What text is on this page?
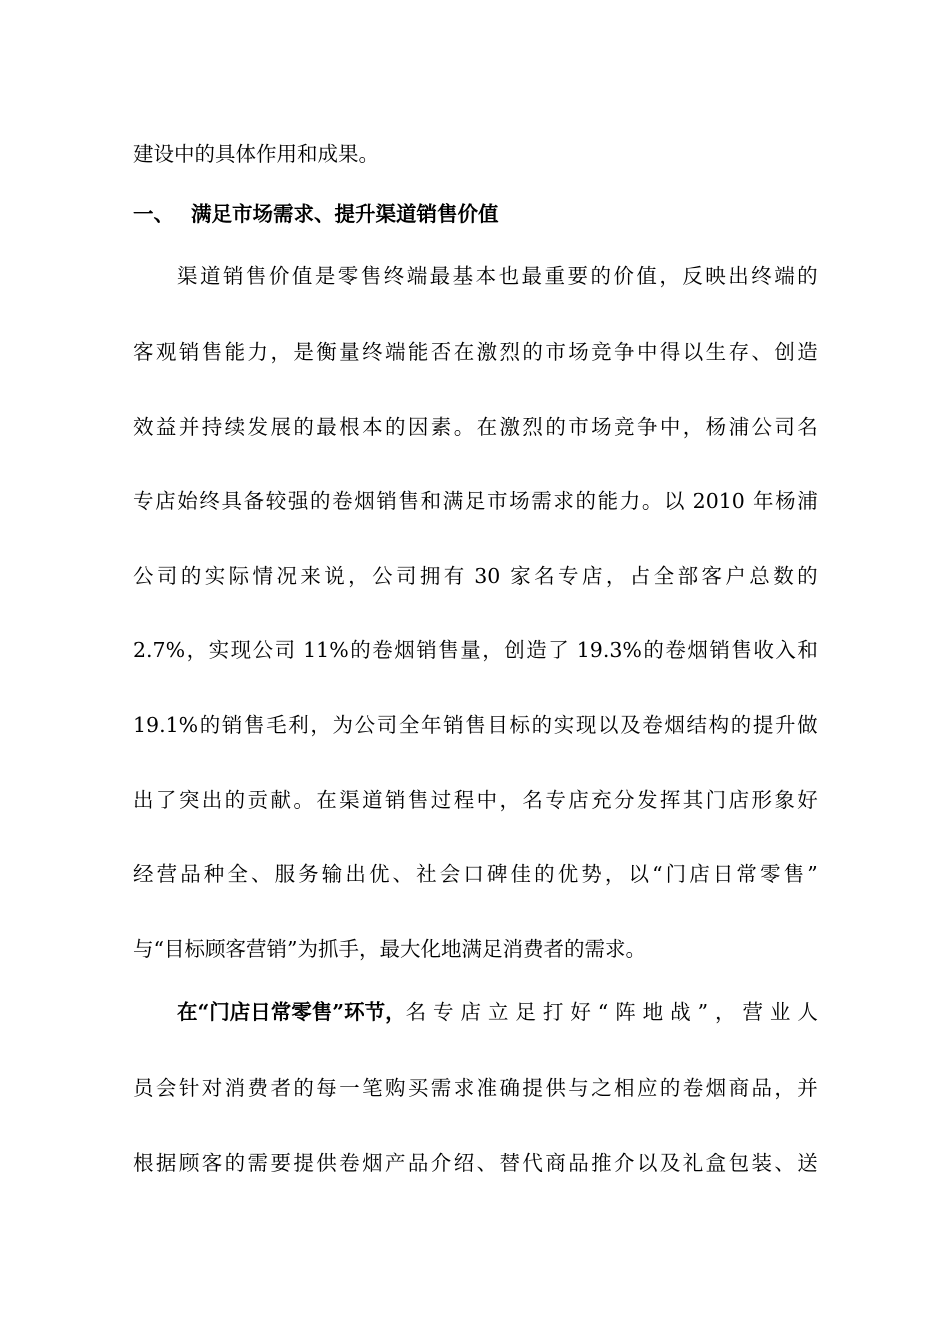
建设中的具体作用和成果。
一、 满足市场需求、提升渠道销售价值
渠 道 销 售 价 值 是 零 售 终 端 最 基 本 也 最 重 要 的 价 值 ， 反 映 出 终 端 的
客 观 销 售 能 力 ， 是 衡 量 终 端 能 否 在 激 烈 的 市 场 竞 争 中 得 以 生 存 、 创 造
效 益 并 持 续 发 展 的 最 根 本 的 因 素 。 在 激 烈 的 市 场 竞 争 中 ， 杨 浦 公 司 名
专 店 始 终 具 备 较 强 的 卷 烟 销 售 和 满 足 市 场 需 求 的 能 力 。 以 2010 年 杨 浦
公 司 的 实 际 情 况 来 说 ， 公 司 拥 有 30 家 名 专 店 ， 占 全 部 客 户 总 数 的
2.7% ， 实 现 公 司 11% 的 卷 烟 销 售 量 ， 创 造 了 19.3% 的 卷 烟 销 售 收 入 和
19.1% 的 销 售 毛 利 ， 为 公 司 全 年 销 售 目 标 的 实 现 以 及 卷 烟 结 构 的 提 升 做
出 了 突 出 的 贡 献 。 在 渠 道 销 售 过 程 中 ， 名 专 店 充 分 发 挥 其 门 店 形 象 好
经 营 品 种 全 、 服 务 输 出 优 、 社 会 口 碑 佳 的 优 势 ， 以 “ 门 店 日 常 零 售 ”
与“目标顾客营销”为抓手，最大化地满足消费者的需求。
在“门店日常零售”环节， 名 专 店 立 足 打 好 “ 阵 地 战 ” ， 营 业 人
员 会 针 对 消 费 者 的 每 一 笔 购 买 需 求 准 确 提 供 与 之 相 应 的 卷 烟 商 品 ， 并
根 据 顾 客 的 需 要 提 供 卷 烟 产 品 介 绍 、 替 代 商 品 推 介 以 及 礼 盒 包 装 、 送
